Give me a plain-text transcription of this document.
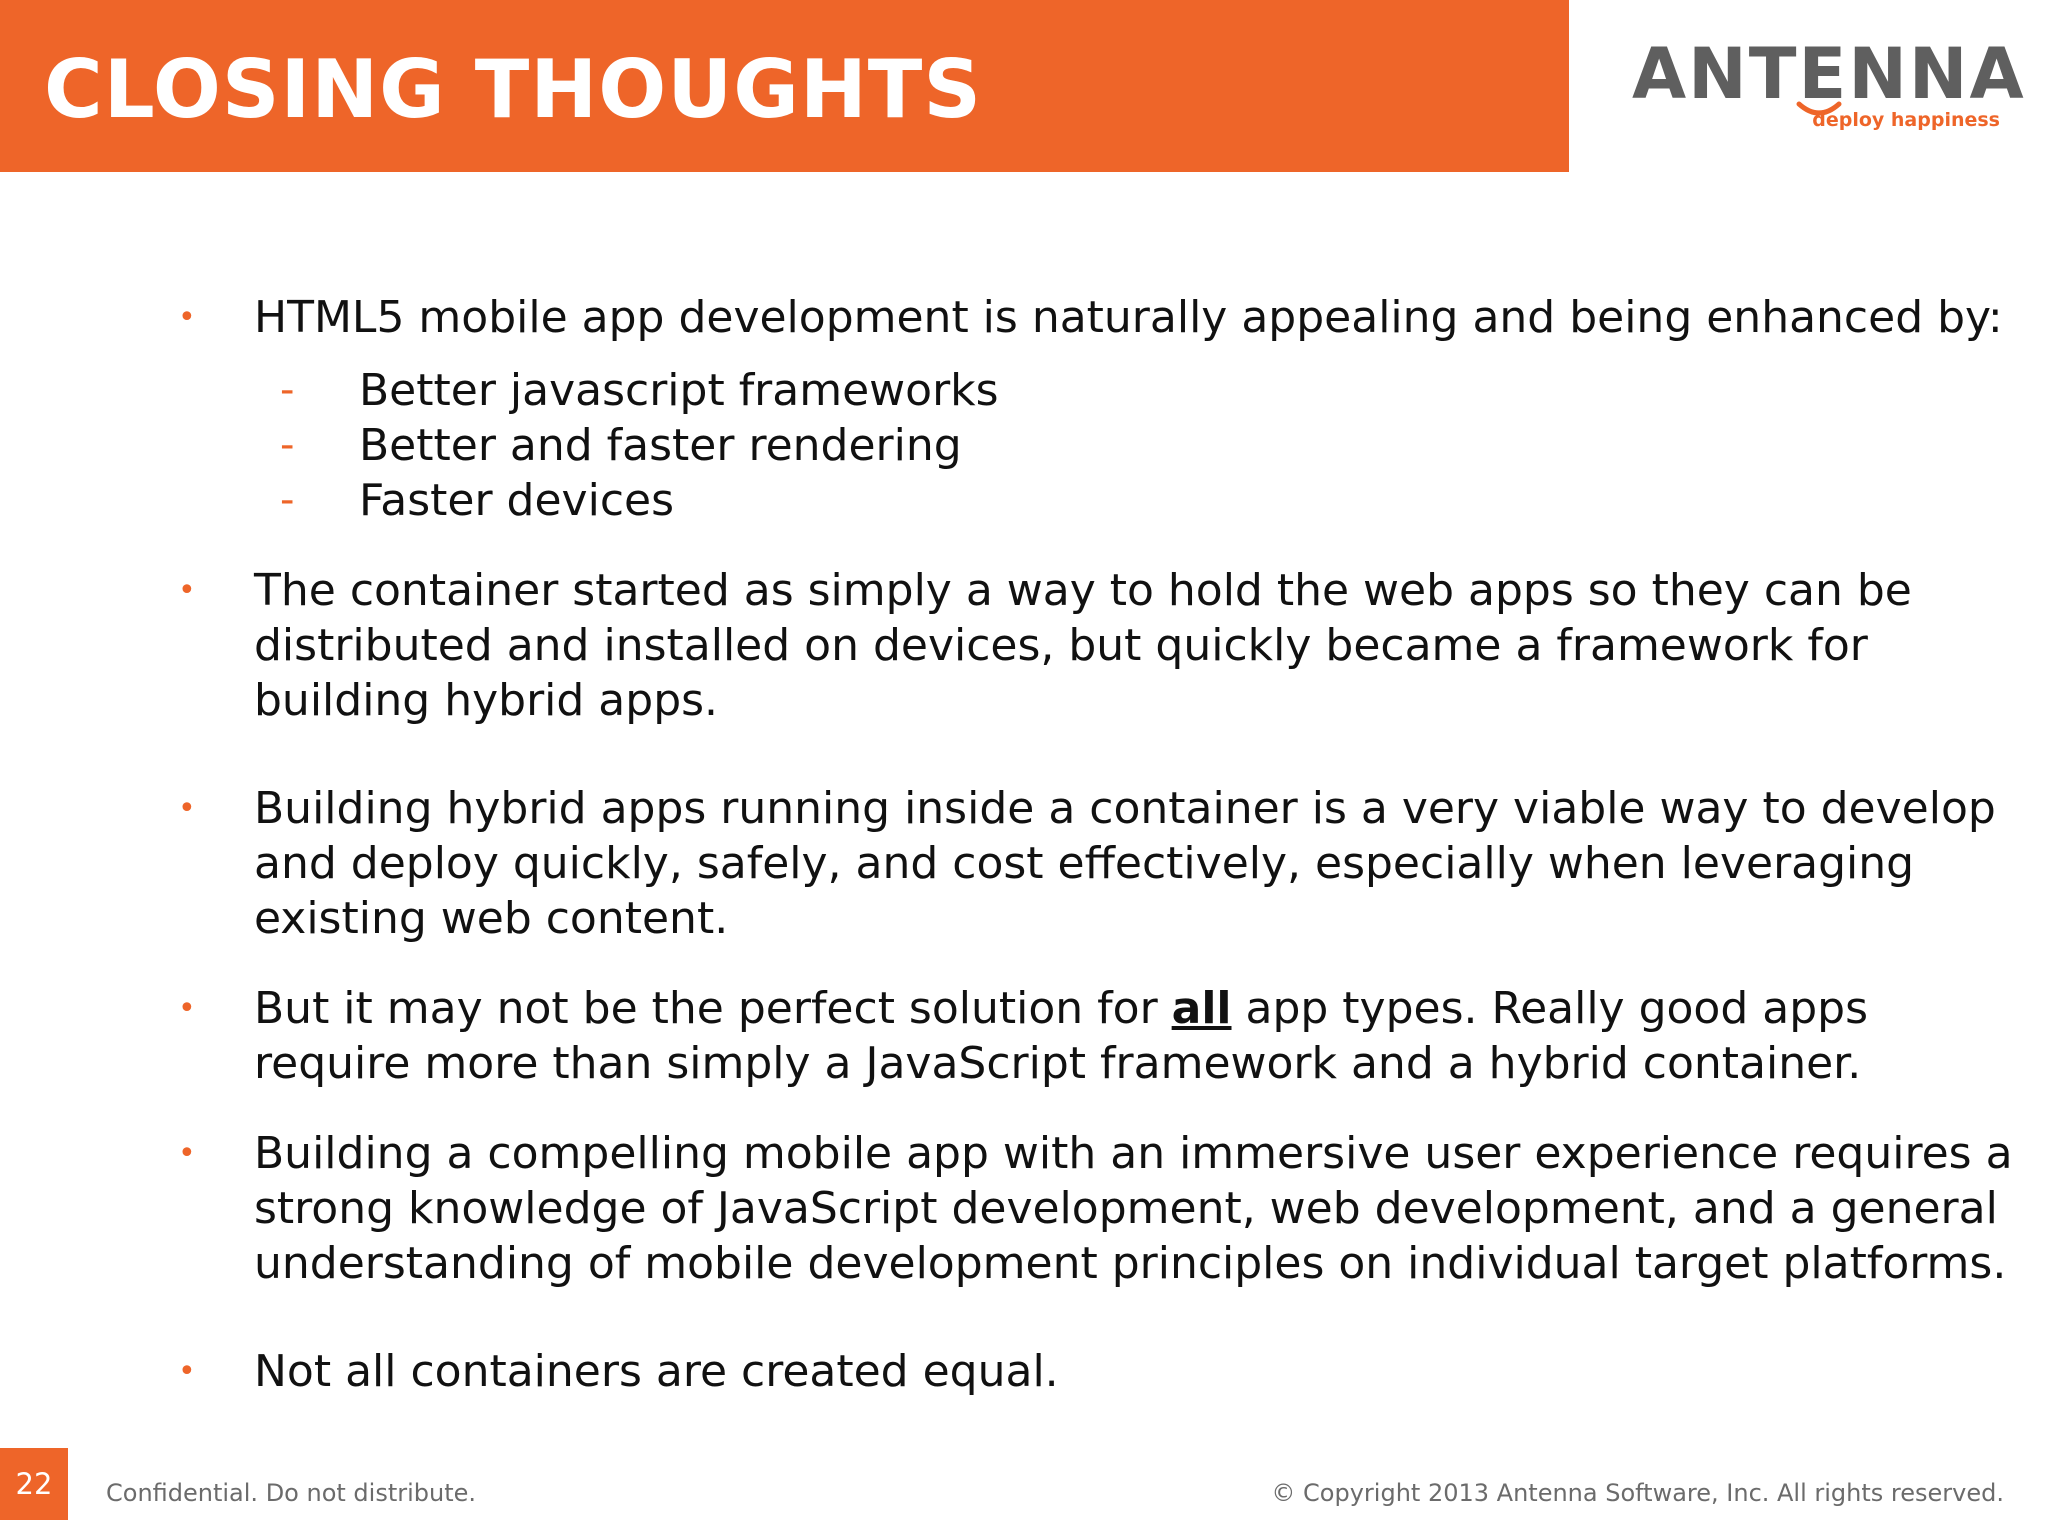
CLOSING THOUGHTS	ANTENNA
deploy happiness
• HTML5 mobile app development is naturally appealing and being enhanced by:
- Better javascript frameworks
- Better and faster rendering
- Faster devices
• The container started as simply a way to hold the web apps so they can be
distributed and installed on devices, but quickly became a framework for
building hybrid apps.
• Building hybrid apps running inside a container is a very viable way to develop
and deploy quickly, safely, and cost effectively, especially when leveraging
existing web content.
• But it may not be the perfect solution for all app types. Really good apps
require more than simply a JavaScript framework and a hybrid container.
• Building a compelling mobile app with an immersive user experience requires a
strong knowledge of JavaScript development, web development, and a general
understanding of mobile development principles on individual target platforms.
• Not all containers are created equal.
22	Confidential. Do not distribute.	© Copyright 2013 Antenna Software, Inc. All rights reserved.
